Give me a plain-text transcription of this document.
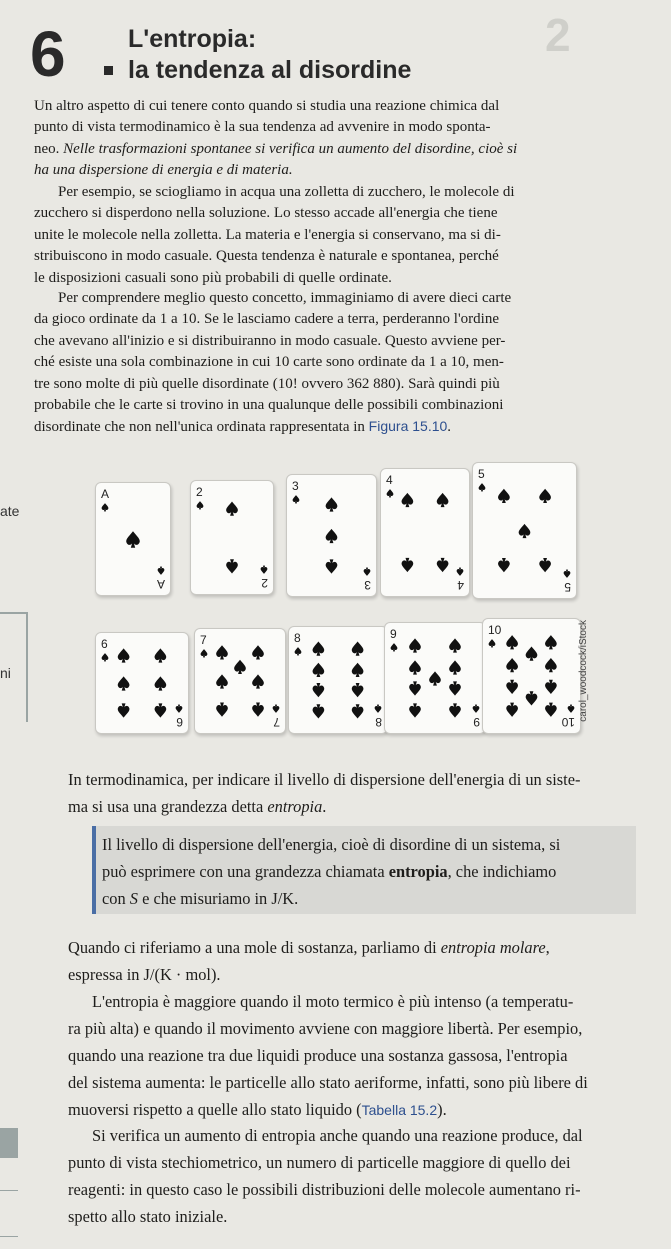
2
6 L'entropia:
la tendenza al disordine

Un altro aspetto di cui tenere conto quando si studia una reazione chimica dal
punto di vista termodinamico è la sua tendenza ad avvenire in modo sponta-
neo. Nelle trasformazioni spontanee si verifica un aumento del disordine, cioè si
ha una dispersione di energia e di materia.

Per esempio, se sciogliamo in acqua una zolletta di zucchero, le molecole di
zucchero si disperdono nella soluzione. Lo stesso accade all'energia che tiene
unite le molecole nella zolletta. La materia e l'energia si conservano, ma si di-
stribuiscono in modo casuale. Questa tendenza è naturale e spontanea, perché
le disposizioni casuali sono più probabili di quelle ordinate.

Per comprendere meglio questo concetto, immaginiamo di avere dieci carte
da gioco ordinate da 1 a 10. Se le lasciamo cadere a terra, perderanno l'ordine
che avevano all'inizio e si distribuiranno in modo casuale. Questo avviene per-
ché esiste una sola combinazione in cui 10 carte sono ordinate da 1 a 10, men-
tre sono molte di più quelle disordinate (10! ovvero 362 880). Sarà quindi più
probabile che le carte si trovino in una qualunque delle possibili combinazioni
disordinate che non nell'unica ordinata rappresentata in Figura 15.10.

ate
ni
A
A
2
2
3
3
4
4
5
5
6
6
7
7
8
8
9
9
10
10
carol_woodcock/iStock

In termodinamica, per indicare il livello di dispersione dell'energia di un siste-
ma si usa una grandezza detta entropia.

Il livello di dispersione dell'energia, cioè di disordine di un sistema, si
può esprimere con una grandezza chiamata entropia, che indichiamo
con S e che misuriamo in J/K.

Quando ci riferiamo a una mole di sostanza, parliamo di entropia molare,
espressa in J/(K · mol).

L'entropia è maggiore quando il moto termico è più intenso (a temperatu-
ra più alta) e quando il movimento avviene con maggiore libertà. Per esempio,
quando una reazione tra due liquidi produce una sostanza gassosa, l'entropia
del sistema aumenta: le particelle allo stato aeriforme, infatti, sono più libere di
muoversi rispetto a quelle allo stato liquido (Tabella 15.2).

Si verifica un aumento di entropia anche quando una reazione produce, dal
punto di vista stechiometrico, un numero di particelle maggiore di quello dei
reagenti: in questo caso le possibili distribuzioni delle molecole aumentano ri-
spetto allo stato iniziale.
